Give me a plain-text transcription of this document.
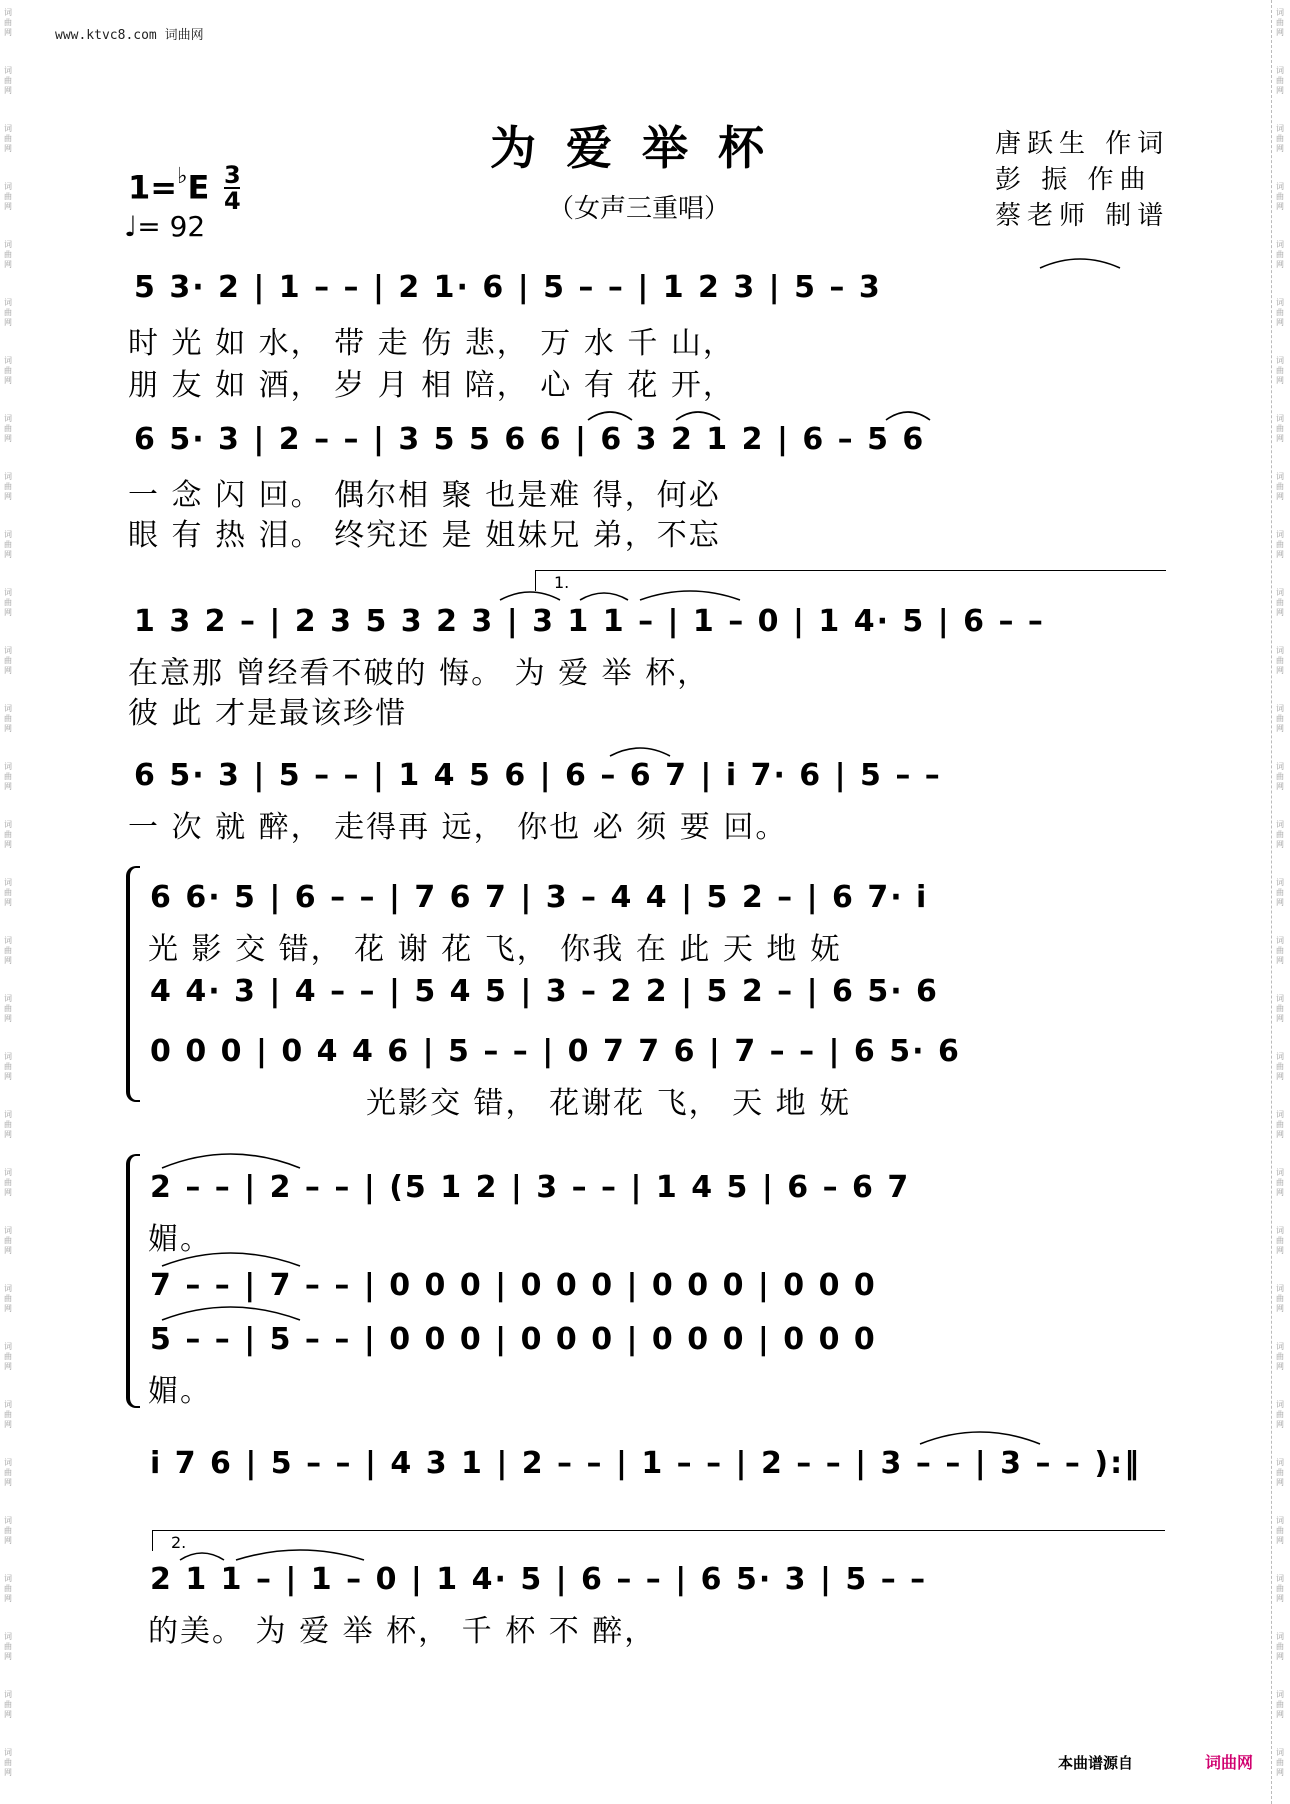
词
曲
网
词
曲
网
词
曲
网
词
曲
网
词
曲
网
词
曲
网
词
曲
网
词
曲
网
词
曲
网
词
曲
网
词
曲
网
词
曲
网
词
曲
网
词
曲
网
词
曲
网
词
曲
网
词
曲
网
词
曲
网
词
曲
网
词
曲
网
词
曲
网
词
曲
网
词
曲
网
词
曲
网
词
曲
网
词
曲
网
词
曲
网
词
曲
网
词
曲
网
词
曲
网
词
曲
网
词
曲
网
词
曲
网
词
曲
网
词
曲
网
词
曲
网
词
曲
网
词
曲
网
词
曲
网
词
曲
网
词
曲
网
词
曲
网
词
曲
网
词
曲
网
词
曲
网
词
曲
网
词
曲
网
词
曲
网
词
曲
网
词
曲
网
词
曲
网
词
曲
网
词
曲
网
词
曲
网
词
曲
网
词
曲
网
词
曲
网
词
曲
网
词
曲
网
词
曲
网
词
曲
网
词
曲
网
www.ktvc8.com 词曲网
为爱举杯
（女声三重唱）
唐跃生 作词
彭 振 作曲
蔡老师 制谱
1=♭E 3
4
♩= 92
5 3· 2 | 1 – – | 2 1· 6 | 5 – – | 1 2 3 | 5 – 3
时 光 如 水， 带 走 伤 悲， 万 水 千 山，
朋 友 如 酒， 岁 月 相 陪， 心 有 花 开，
6 5· 3 | 2 – – | 3 5 5 6 6 | 6 3 2 1 2 | 6 – 5 6
一 念 闪 回。 偶尔相 聚 也是难 得，何必
眼 有 热 泪。 终究还 是 姐妹兄 弟，不忘
1.
1 3 2 – | 2 3 5 3 2 3 | 3 1 1 – | 1 – 0 | 1 4· 5 | 6 – –
在意那 曾经看不破的 悔。 为 爱 举 杯，
彼 此 才是最该珍惜
6 5· 3 | 5 – – | 1 4 5 6 | 6 – 6 7 | i 7· 6 | 5 – –
一 次 就 醉， 走得再 远， 你也 必 须 要 回。
6 6· 5 | 6 – – | 7 6 7 | 3 – 4 4 | 5 2 – | 6 7· i
光 影 交 错， 花 谢 花 飞， 你我 在 此 天 地 妩
4 4· 3 | 4 – – | 5 4 5 | 3 – 2 2 | 5 2 – | 6 5· 6
0 0 0 | 0 4 4 6 | 5 – – | 0 7 7 6 | 7 – – | 6 5· 6
光影交 错， 花谢花 飞， 天 地 妩
2 – – | 2 – – | (5 1 2 | 3 – – | 1 4 5 | 6 – 6 7
媚。
7 – – | 7 – – | 0 0 0 | 0 0 0 | 0 0 0 | 0 0 0
5 – – | 5 – – | 0 0 0 | 0 0 0 | 0 0 0 | 0 0 0
媚。
i 7 6 | 5 – – | 4 3 1 | 2 – – | 1 – – | 2 – – | 3 – – | 3 – – ):‖
2.
2 1 1 – | 1 – 0 | 1 4· 5 | 6 – – | 6 5· 3 | 5 – –
的美。 为 爱 举 杯， 千 杯 不 醉，
本曲谱源自	词曲网
